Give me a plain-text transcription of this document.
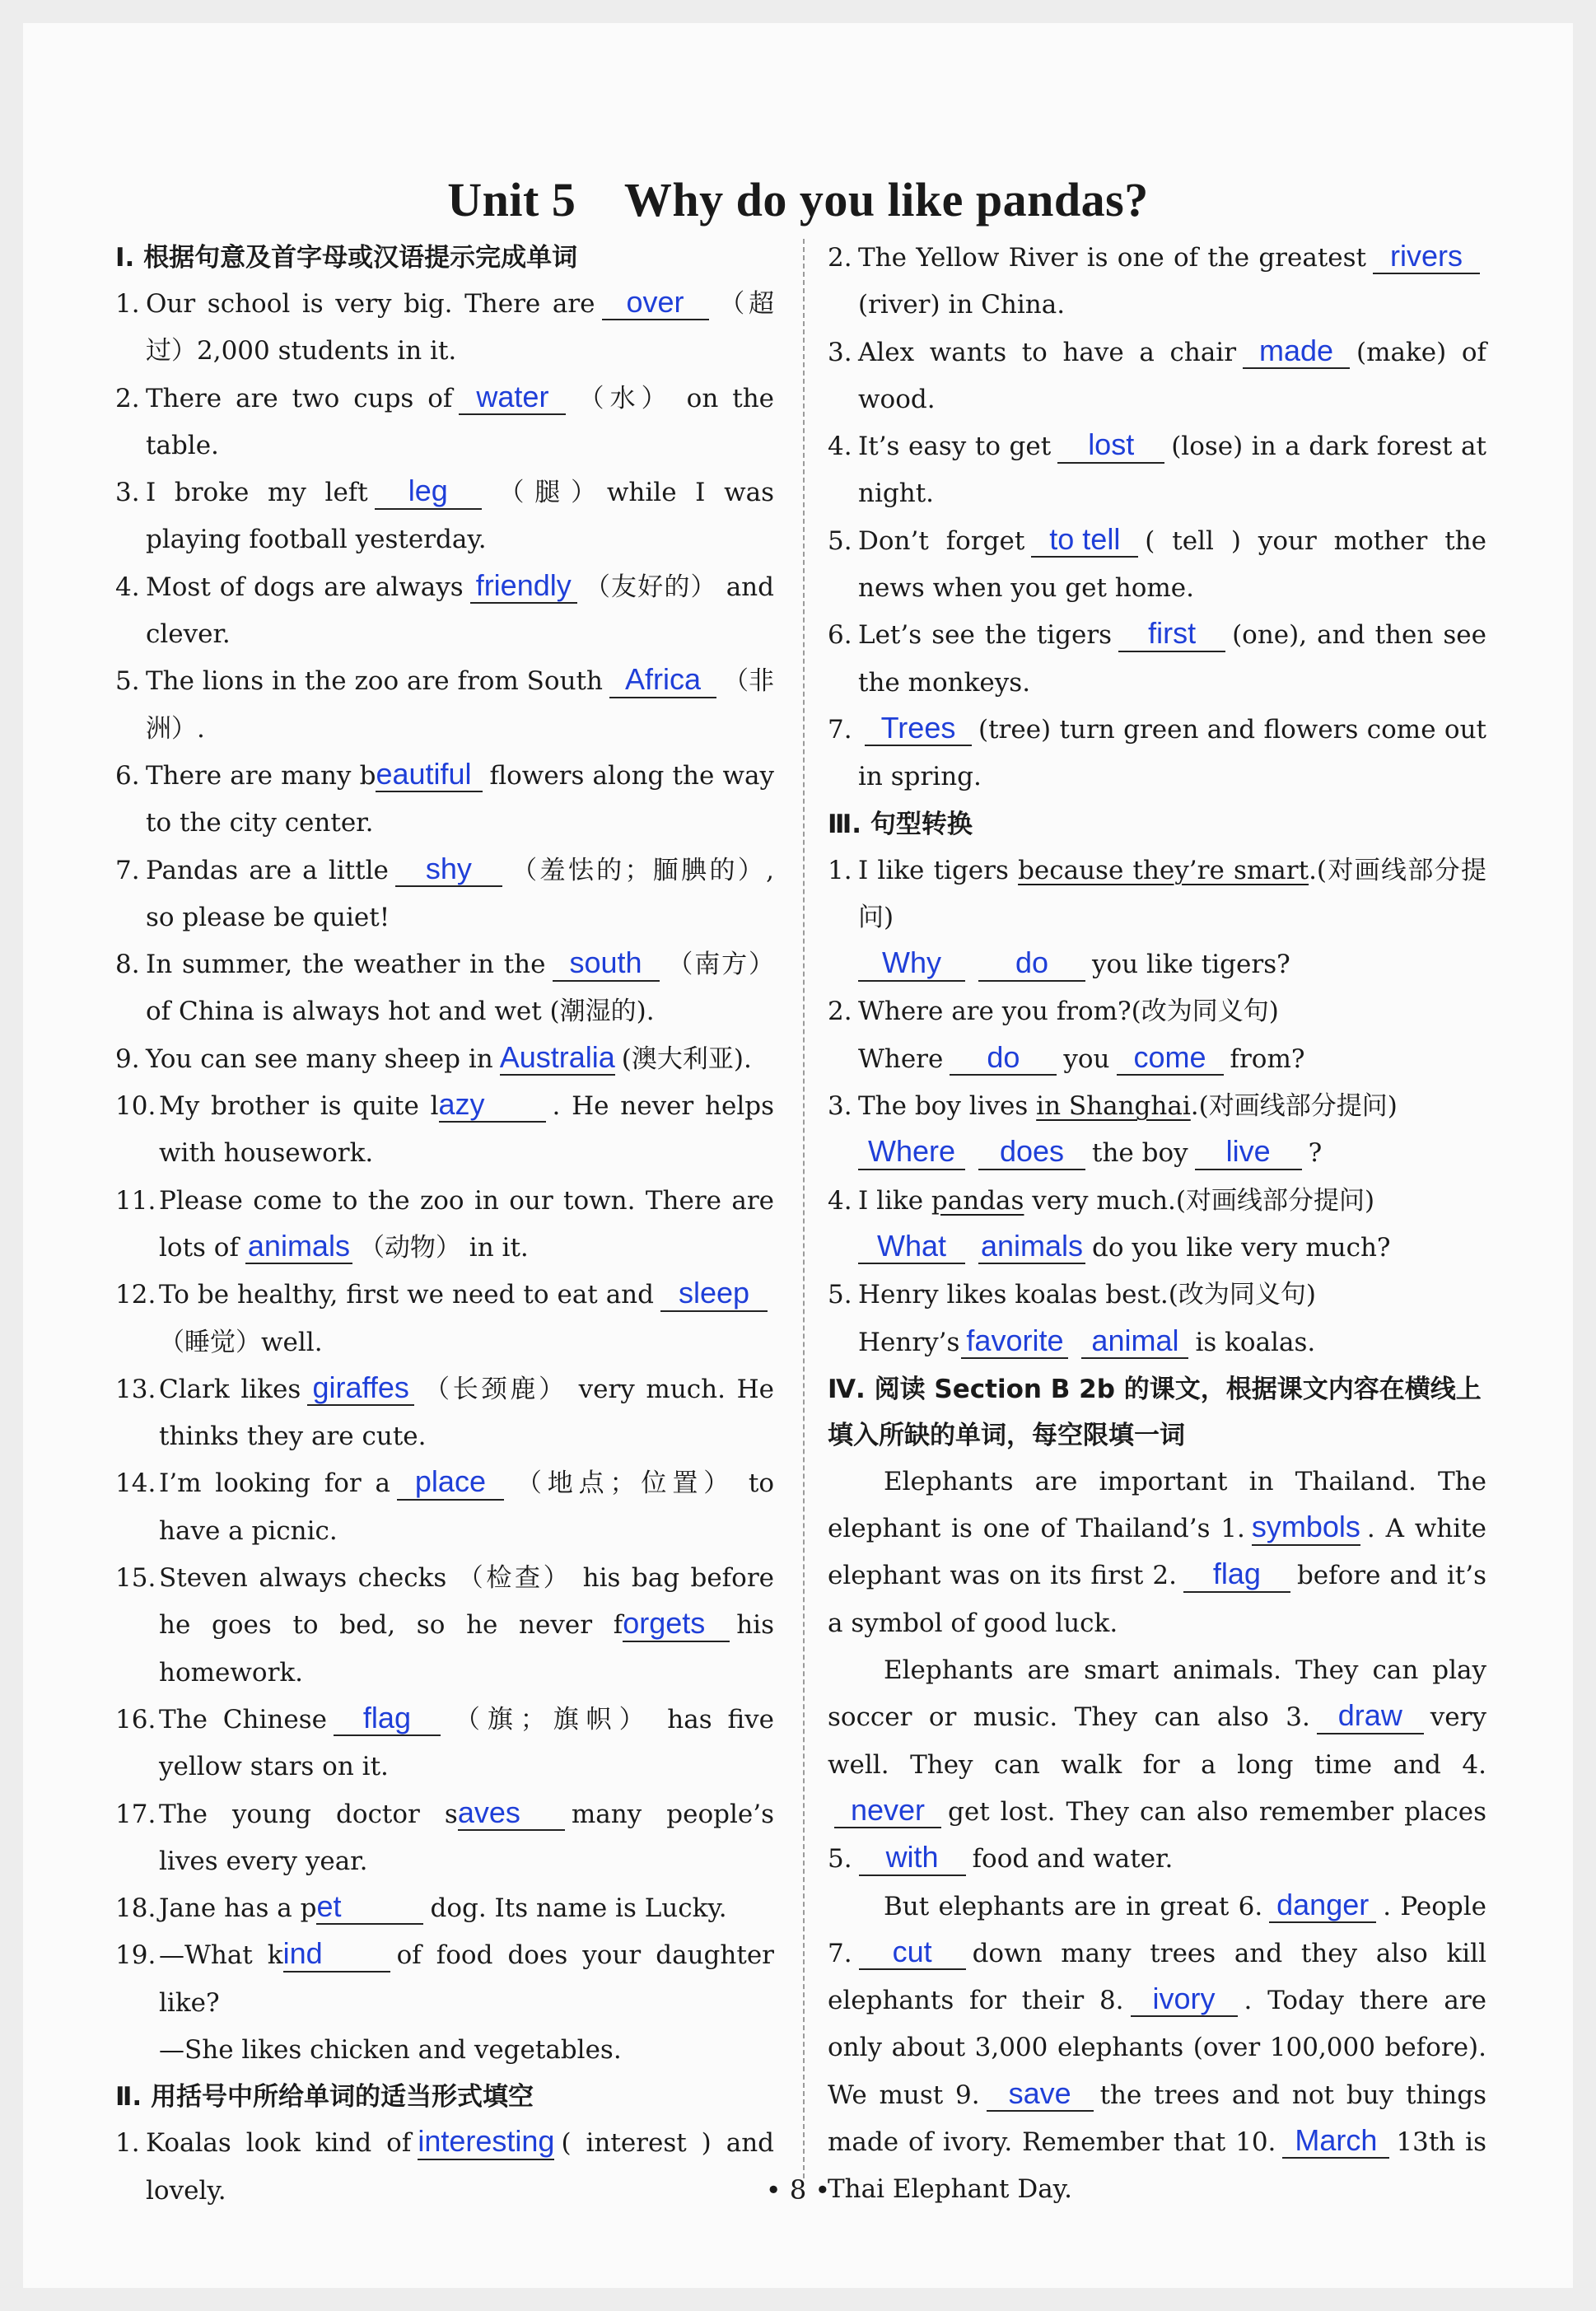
Unit 5　Why do you like pandas?
Ⅰ. 根据句意及首字母或汉语提示完成单词
1. Our school is very big. There are over （超过）2,000 students in it.
2. There are two cups of water （水） on the table.
3. I broke my left leg （腿）while I was playing football yesterday.
4. Most of dogs are always friendly （友好的） and clever.
5. The lions in the zoo are from South Africa （非洲）.
6. There are many beautiful flowers along the way to the city center.
7. Pandas are a little shy （羞怯的；腼腆的）, so please be quiet!
8. In summer, the weather in the south （南方） of China is always hot and wet (潮湿的).
9. You can see many sheep in Australia (澳大利亚).
10. My brother is quite lazy	. He never helps with housework.
11. Please come to the zoo in our town. There are lots of animals （动物） in it.
12. To be healthy, first we need to eat and sleep（睡觉）well.
13. Clark likes giraffes （长颈鹿） very much. He thinks they are cute.
14. I’m looking for a place （地点；位置） to have a picnic.
15. Steven always checks （检查） his bag before he goes to bed, so he never forgets his homework.
16. The Chinese flag （旗；旗帜） has five yellow stars on it.
17. The young doctor saves many people’s lives every year.
18. Jane has a pet	dog. Its name is Lucky.
19. —What kind	of food does your daughter like?
—She likes chicken and vegetables.
Ⅱ. 用括号中所给单词的适当形式填空
1. Koalas look kind of interesting ( interest ) and lovely.
2. The Yellow River is one of the greatest rivers(river) in China.
3. Alex wants to have a chair made (make) of wood.
4. It’s easy to get lost (lose) in a dark forest at night.
5. Don’t forget to tell ( tell ) your mother the news when you get home.
6. Let’s see the tigers first (one), and then see the monkeys.
7. Trees (tree) turn green and flowers come out in spring.
Ⅲ. 句型转换
1. I like tigers because they’re smart.(对画线部分提问)
Why do you like tigers?
2. Where are you from?(改为同义句)
Where do you come from?
3. The boy lives in Shanghai.(对画线部分提问)
Where does the boy live ?
4. I like pandas very much.(对画线部分提问)
What animals do you like very much?
5. Henry likes koalas best.(改为同义句)
Henry’s favorite animal is koalas.
Ⅳ. 阅读 Section B 2b 的课文，根据课文内容在横线上
填入所缺的单词，每空限填一词
Elephants are important in Thailand. The elephant is one of Thailand’s 1. symbols . A white elephant was on its first 2. flag before and it’s a symbol of good luck.
Elephants are smart animals. They can play soccer or music. They can also 3. draw very well. They can walk for a long time and 4.never get lost. They can also remember places 5. with food and water.
But elephants are in great 6. danger . People 7. cut down many trees and they also kill elephants for their 8. ivory . Today there are only about 3,000 elephants (over 100,000 before). We must 9. save the trees and not buy things made of ivory. Remember that 10. March 13th is Thai Elephant Day.
• 8 •
